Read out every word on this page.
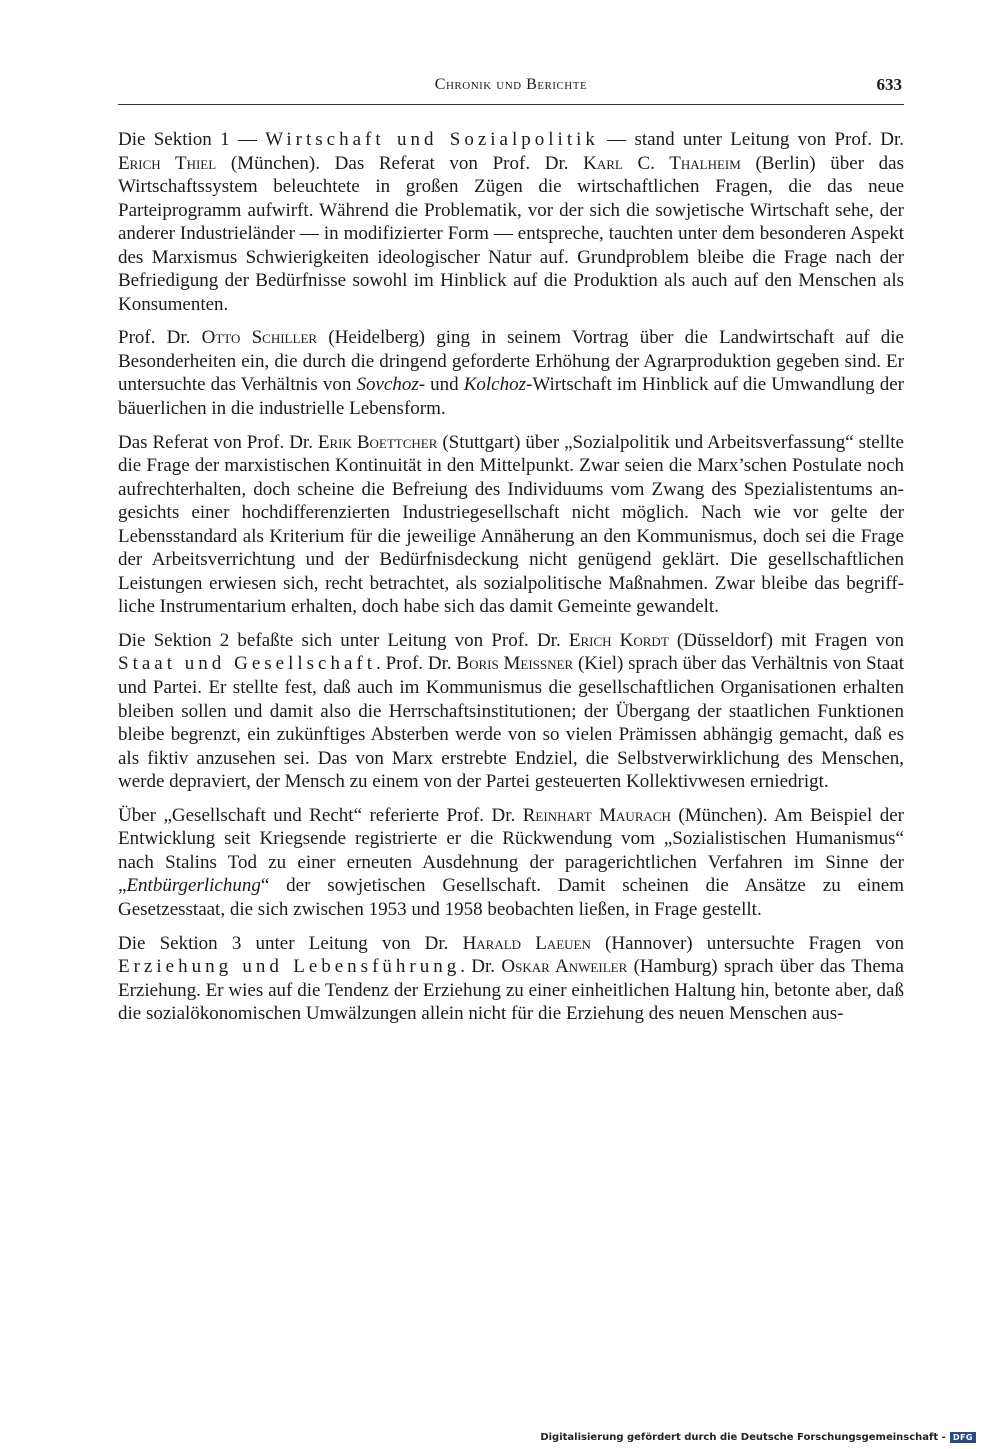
Chronik und Berichte	633

Die Sektion 1 — Wirtschaft und Sozialpolitik — stand unter Leitung von Prof. Dr. Erich Thiel (München). Das Referat von Prof. Dr. Karl C. Thalheim (Berlin) über das Wirtschaftssystem beleuchtete in großen Zügen die wirtschaftlichen Fragen, die das neue Parteiprogramm aufwirft. Während die Problematik, vor der sich die sowjetische Wirtschaft sehe, der anderer Industrieländer — in modifizierter Form — entspreche, tauchten unter dem besonderen Aspekt des Marxismus Schwierigkeiten ideologischer Natur auf. Grundproblem bleibe die Frage nach der Befriedigung der Bedürfnisse sowohl im Hinblick auf die Produktion als auch auf den Menschen als Konsumenten.

Prof. Dr. Otto Schiller (Heidelberg) ging in seinem Vortrag über die Landwirtschaft auf die Besonderheiten ein, die durch die dringend geforderte Erhöhung der Agrarproduktion gegeben sind. Er untersuchte das Verhältnis von Sovchoz- und Kolchoz-Wirtschaft im Hinblick auf die Umwandlung der bäuerlichen in die industrielle Lebensform.

Das Referat von Prof. Dr. Erik Boettcher (Stuttgart) über „Sozialpolitik und Arbeitsverfassung“ stellte die Frage der marxistischen Kontinuität in den Mittelpunkt. Zwar seien die Marx’schen Postulate noch aufrechterhalten, doch scheine die Befreiung des Individuums vom Zwang des Spezialistentums angesichts einer hochdifferenzierten Industriegesellschaft nicht möglich. Nach wie vor gelte der Lebensstandard als Kriterium für die jeweilige Annäherung an den Kommunismus, doch sei die Frage der Arbeitsverrichtung und der Bedürfnisdeckung nicht genügend geklärt. Die gesellschaftlichen Leistungen erwiesen sich, recht betrachtet, als sozialpolitische Maßnahmen. Zwar bleibe das begriffliche Instrumentarium erhalten, doch habe sich das damit Gemeinte gewandelt.

Die Sektion 2 befaßte sich unter Leitung von Prof. Dr. Erich Kordt (Düsseldorf) mit Fragen von Staat und Gesellschaft. Prof. Dr. Boris Meissner (Kiel) sprach über das Verhältnis von Staat und Partei. Er stellte fest, daß auch im Kommunismus die gesellschaftlichen Organisationen erhalten bleiben sollen und damit also die Herrschaftsinstitutionen; der Übergang der staatlichen Funktionen bleibe begrenzt, ein zukünftiges Absterben werde von so vielen Prämissen abhängig gemacht, daß es als fiktiv anzusehen sei. Das von Marx erstrebte Endziel, die Selbstverwirklichung des Menschen, werde depraviert, der Mensch zu einem von der Partei gesteuerten Kollektivwesen erniedrigt.

Über „Gesellschaft und Recht“ referierte Prof. Dr. Reinhart Maurach (München). Am Beispiel der Entwicklung seit Kriegsende registrierte er die Rückwendung vom „Sozialistischen Humanismus“ nach Stalins Tod zu einer erneuten Ausdehnung der paragerichtlichen Verfahren im Sinne der „Entbürgerlichung“ der sowjetischen Gesellschaft. Damit scheinen die Ansätze zu einem Gesetzesstaat, die sich zwischen 1953 und 1958 beobachten ließen, in Frage gestellt.

Die Sektion 3 unter Leitung von Dr. Harald Laeuen (Hannover) untersuchte Fragen von Erziehung und Lebensführung. Dr. Oskar Anweiler (Hamburg) sprach über das Thema Erziehung. Er wies auf die Tendenz der Erziehung zu einer einheitlichen Haltung hin, betonte aber, daß die sozialökonomischen Umwälzungen allein nicht für die Erziehung des neuen Menschen aus-

Digitalisierung gefördert durch die Deutsche Forschungsgemeinschaft - DFG
